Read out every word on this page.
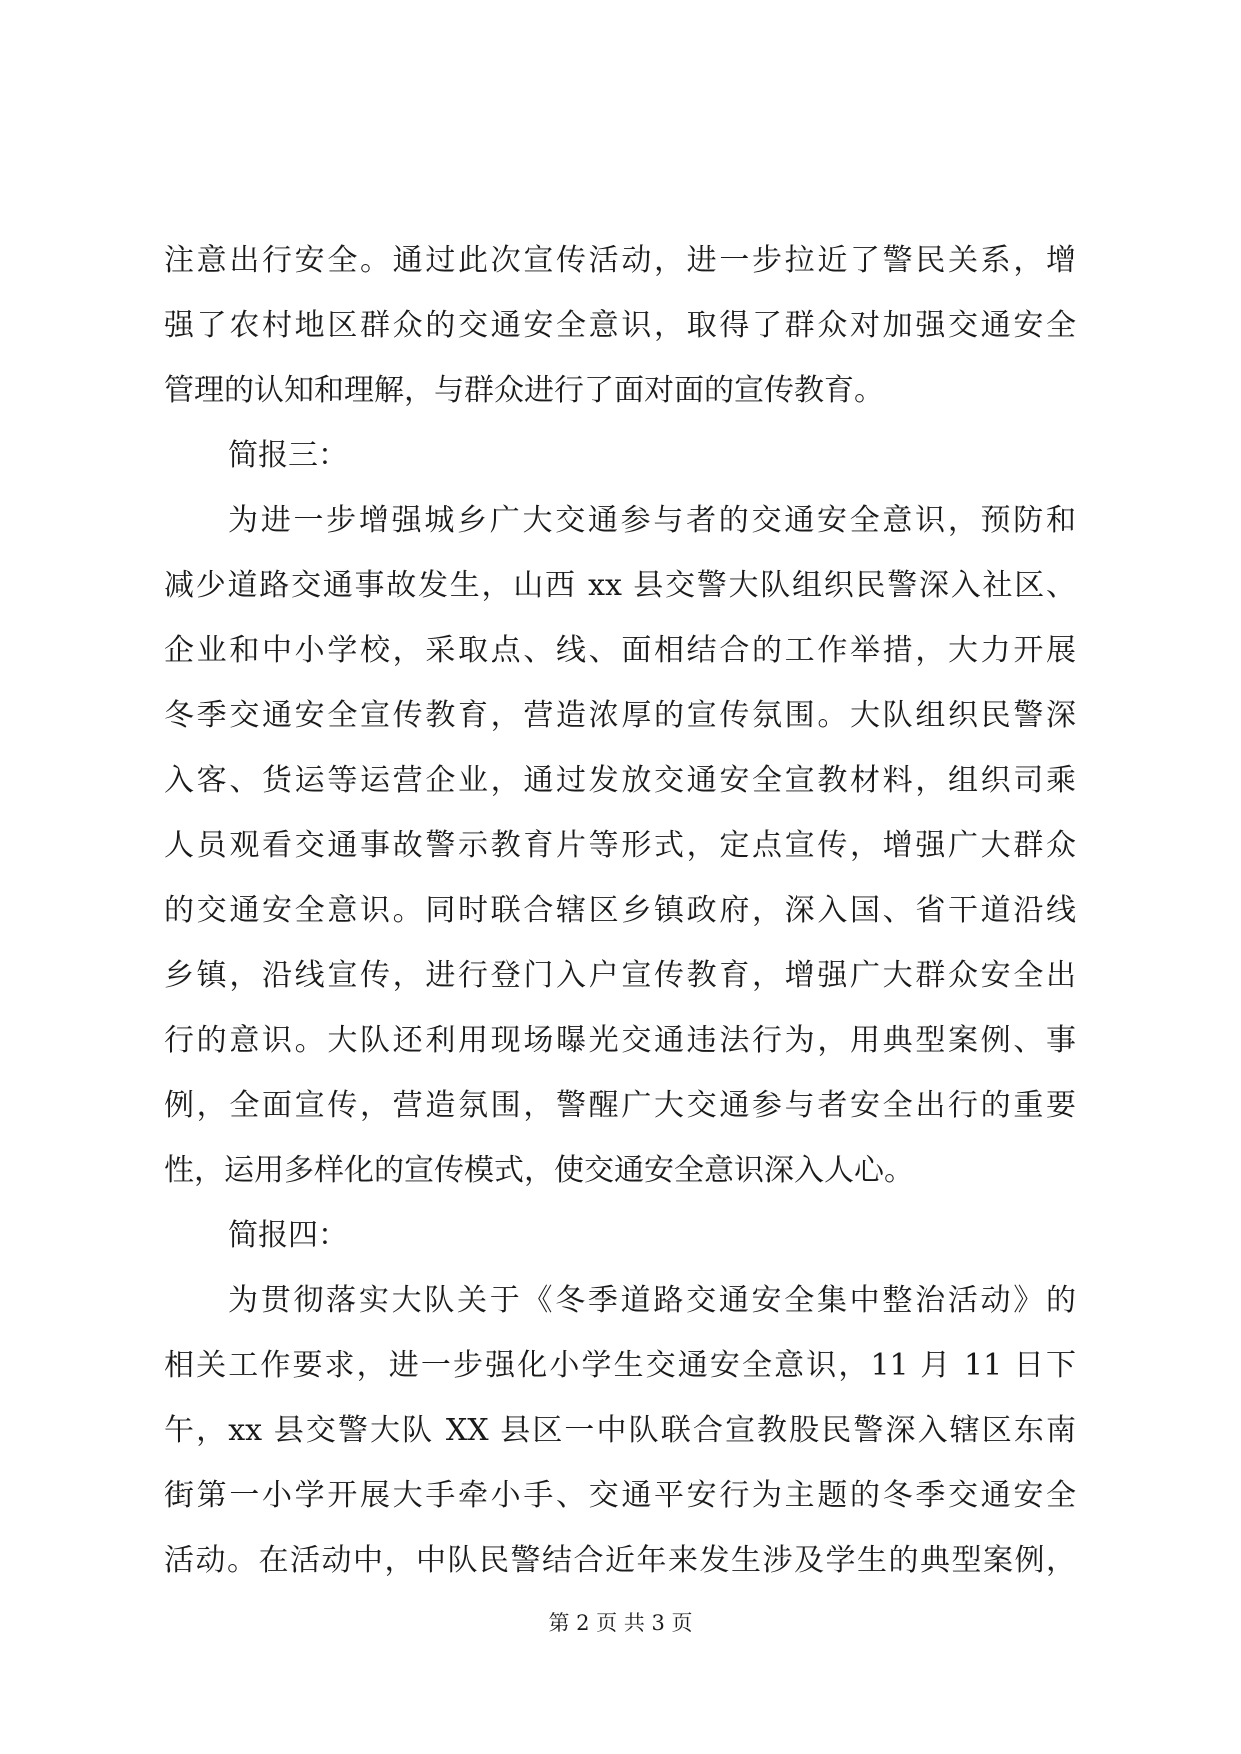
注意出行安全。通过此次宣传活动，进一步拉近了警民关系，增
强了农村地区群众的交通安全意识，取得了群众对加强交通安全
管理的认知和理解，与群众进行了面对面的宣传教育。
简报三：
为进一步增强城乡广大交通参与者的交通安全意识，预防和
减少道路交通事故发生，山西 xx 县交警大队组织民警深入社区、
企业和中小学校，采取点、线、面相结合的工作举措，大力开展
冬季交通安全宣传教育，营造浓厚的宣传氛围。大队组织民警深
入客、货运等运营企业，通过发放交通安全宣教材料，组织司乘
人员观看交通事故警示教育片等形式，定点宣传，增强广大群众
的交通安全意识。同时联合辖区乡镇政府，深入国、省干道沿线
乡镇，沿线宣传，进行登门入户宣传教育，增强广大群众安全出
行的意识。大队还利用现场曝光交通违法行为，用典型案例、事
例，全面宣传，营造氛围，警醒广大交通参与者安全出行的重要
性，运用多样化的宣传模式，使交通安全意识深入人心。
简报四：
为贯彻落实大队关于《冬季道路交通安全集中整治活动》的
相关工作要求，进一步强化小学生交通安全意识，11 月 11 日下
午，xx 县交警大队 XX 县区一中队联合宣教股民警深入辖区东南
街第一小学开展大手牵小手、交通平安行为主题的冬季交通安全
活动。在活动中，中队民警结合近年来发生涉及学生的典型案例，
第 2 页 共 3 页
